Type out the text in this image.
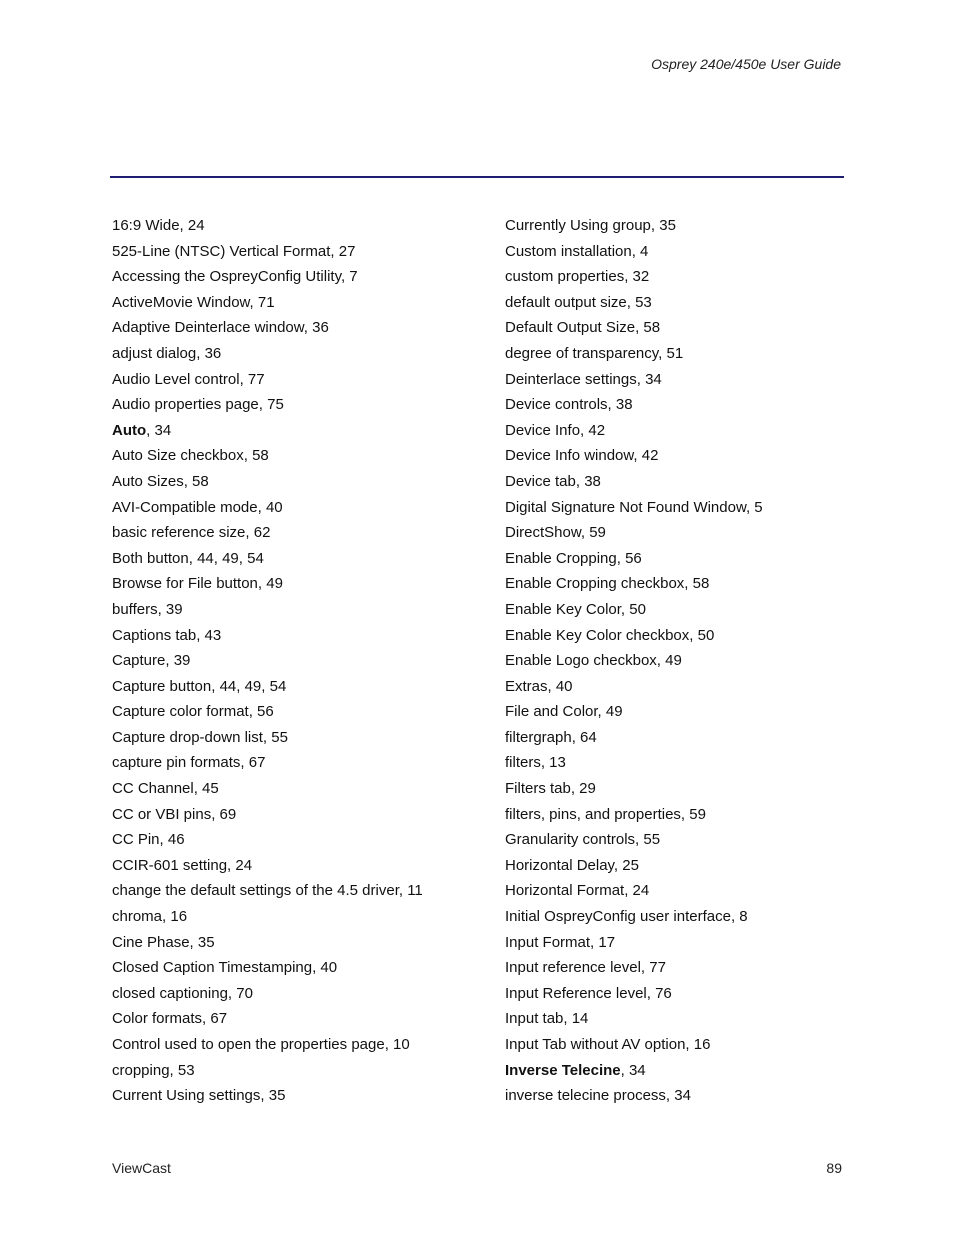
Osprey 240e/450e User Guide
16:9 Wide, 24
525-Line (NTSC) Vertical Format, 27
Accessing the OspreyConfig Utility, 7
ActiveMovie Window, 71
Adaptive Deinterlace window, 36
adjust dialog, 36
Audio Level control, 77
Audio properties page, 75
Auto, 34
Auto Size checkbox, 58
Auto Sizes, 58
AVI-Compatible mode, 40
basic reference size, 62
Both button, 44, 49, 54
Browse for File button, 49
buffers, 39
Captions tab, 43
Capture, 39
Capture button, 44, 49, 54
Capture color format, 56
Capture drop-down list, 55
capture pin formats, 67
CC Channel, 45
CC or VBI pins, 69
CC Pin, 46
CCIR-601 setting, 24
change the default settings of the 4.5 driver, 11
chroma, 16
Cine Phase, 35
Closed Caption Timestamping, 40
closed captioning, 70
Color formats, 67
Control used to open the properties page, 10
cropping, 53
Current Using settings, 35
Currently Using group, 35
Custom installation, 4
custom properties, 32
default output size, 53
Default Output Size, 58
degree of transparency, 51
Deinterlace settings, 34
Device controls, 38
Device Info, 42
Device Info window, 42
Device tab, 38
Digital Signature Not Found Window, 5
DirectShow, 59
Enable Cropping, 56
Enable Cropping checkbox, 58
Enable Key Color, 50
Enable Key Color checkbox, 50
Enable Logo checkbox, 49
Extras, 40
File and Color, 49
filtergraph, 64
filters, 13
Filters tab, 29
filters, pins, and properties, 59
Granularity controls, 55
Horizontal Delay, 25
Horizontal Format, 24
Initial OspreyConfig user interface, 8
Input Format, 17
Input reference level, 77
Input Reference level, 76
Input tab, 14
Input Tab without AV option, 16
Inverse Telecine, 34
inverse telecine process, 34
ViewCast	89
